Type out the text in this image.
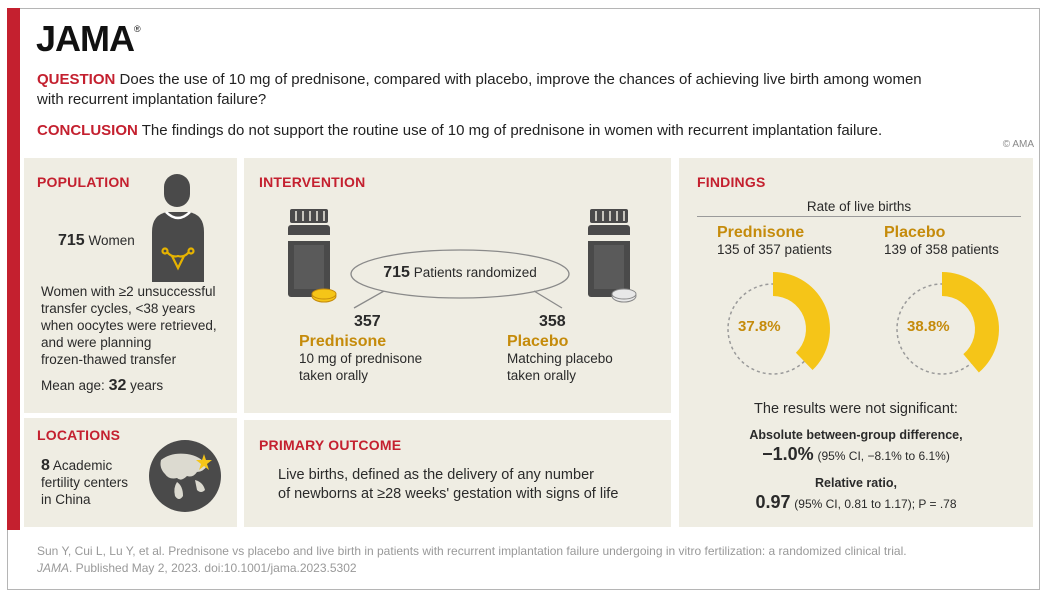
JAMA®
QUESTION Does the use of 10 mg of prednisone, compared with placebo, improve the chances of achieving live birth among women
with recurrent implantation failure?
CONCLUSION The findings do not support the routine use of 10 mg of prednisone in women with recurrent implantation failure.
© AMA
POPULATION
715 Women
Women with ≥2 unsuccessful
transfer cycles, <38 years
when oocytes were retrieved,
and were planning
frozen-thawed transfer
Mean age: 32 years
LOCATIONS
8 Academic
fertility centers
in China
INTERVENTION
715 Patients randomized
357
Prednisone
10 mg of prednisone
taken orally
358
Placebo
Matching placebo
taken orally
PRIMARY OUTCOME
Live births, defined as the delivery of any number
of newborns at ≥28 weeks' gestation with signs of life
FINDINGS
Rate of live births
Prednisone
135 of 357 patients
Placebo
139 of 358 patients
37.8%	38.8%
The results were not significant:
Absolute between-group difference,
−1.0% (95% CI, −8.1% to 6.1%)
Relative ratio,
0.97 (95% CI, 0.81 to 1.17); P = .78
Sun Y, Cui L, Lu Y, et al. Prednisone vs placebo and live birth in patients with recurrent implantation failure undergoing in vitro fertilization: a randomized clinical trial.
JAMA. Published May 2, 2023. doi:10.1001/jama.2023.5302
